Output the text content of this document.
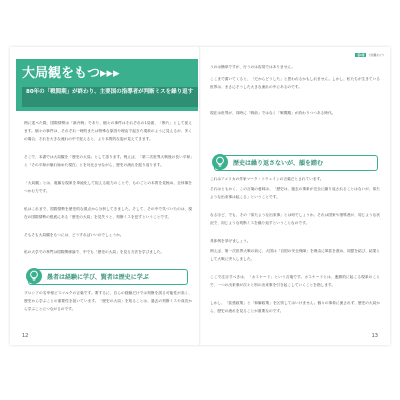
大局観をもつ▸▸▸
80年の「戦間期」が終わり、主要国の指導者が判断ミスを繰り返す
例に述べた際、国際情勢は「新冷戦」であり、個々の事件はそれぞれの1局面、「断片」として捉えます。個々の事件は、それぞれ一時的または特殊な原因や理由で起きた現象のように見えるが、多くの場合、それを大きな流れの中で捉えると、より本質的な姿が見えてきます。
そこで、本書では大局観を「歴史の大局」として語ります。例えば、「第二次世界大戦後の長い平和」と「その平和が崩れ始めた現在」とを対比させながら、歴史の流れを振り返ります。
「大局観」とは、複雑な現象を単純化して捉える能力のことで、ものごとの本質を見極め、全体像をつかむ力です。
私はこれまで、国際情勢を歴史的な視点から分析してきました。そして、その中で気づいたのは、現在の国際情勢の根底にある「歴史の大局」を見失うと、判断ミスを犯すということです。
そもそも大局観をもつには、どうすればいいのでしょうか。
私の大学での専門は国際関係論で、中でも「歴史の大局」を見る方法を学びました。
愚者は経験に学び、賢者は歴史に学ぶ
プロシアの名宰相ビスマルクの言葉です。要するに、自らの経験だけでは判断を誤る可能性が高く、歴史から学ぶことの重要性を説いています。「歴史の大局」を知ることは、過去の判断ミスや成功から学ぶことにつながるのです。
12
第1章 大局観をもつ
うのは簡単ですが、行うのは容易ではありません。
ここまで書いてくると、「だからどうした」と思われるかもしれません。しかし、私たちが生きている世界は、まさにそうした大きな流れの中にあるのです。
現在は世界が、同時に「戦前」ではなく「戦間期」が終わりつつある時代。
歴史は繰り返さないが、韻を踏む
これはアメリカの作家マーク・トウェインの言葉だとされています。
それはともかく、この言葉の意味は、「歴史は、過去の事象が完全に繰り返されることはないが、似たような出来事は起こる」ということです。
なるほど、でも、その「似たような出来事」とは何でしょうか。それは国家や指導者が、同じような状況で、同じような判断ミスを繰り返すということなのです。
具体例を挙げましょう。
例えば、第一次世界大戦の前に、大国は「自国の安全保障」を理由に軍拡を進め、同盟を結び、結果として大戦に突入しました。
ここで注目すべきは、「カスケード」という言葉です。カスケードとは、連鎖的に起こる現象のことで、一つの出来事が次々と別の出来事を引き起こしていくことを指します。
しかし、「拡張政策」と「和解政策」を区別してはいけません。個々の事象に流されず、歴史の大局から、歴史の流れを見ることが重要なのです。
13
